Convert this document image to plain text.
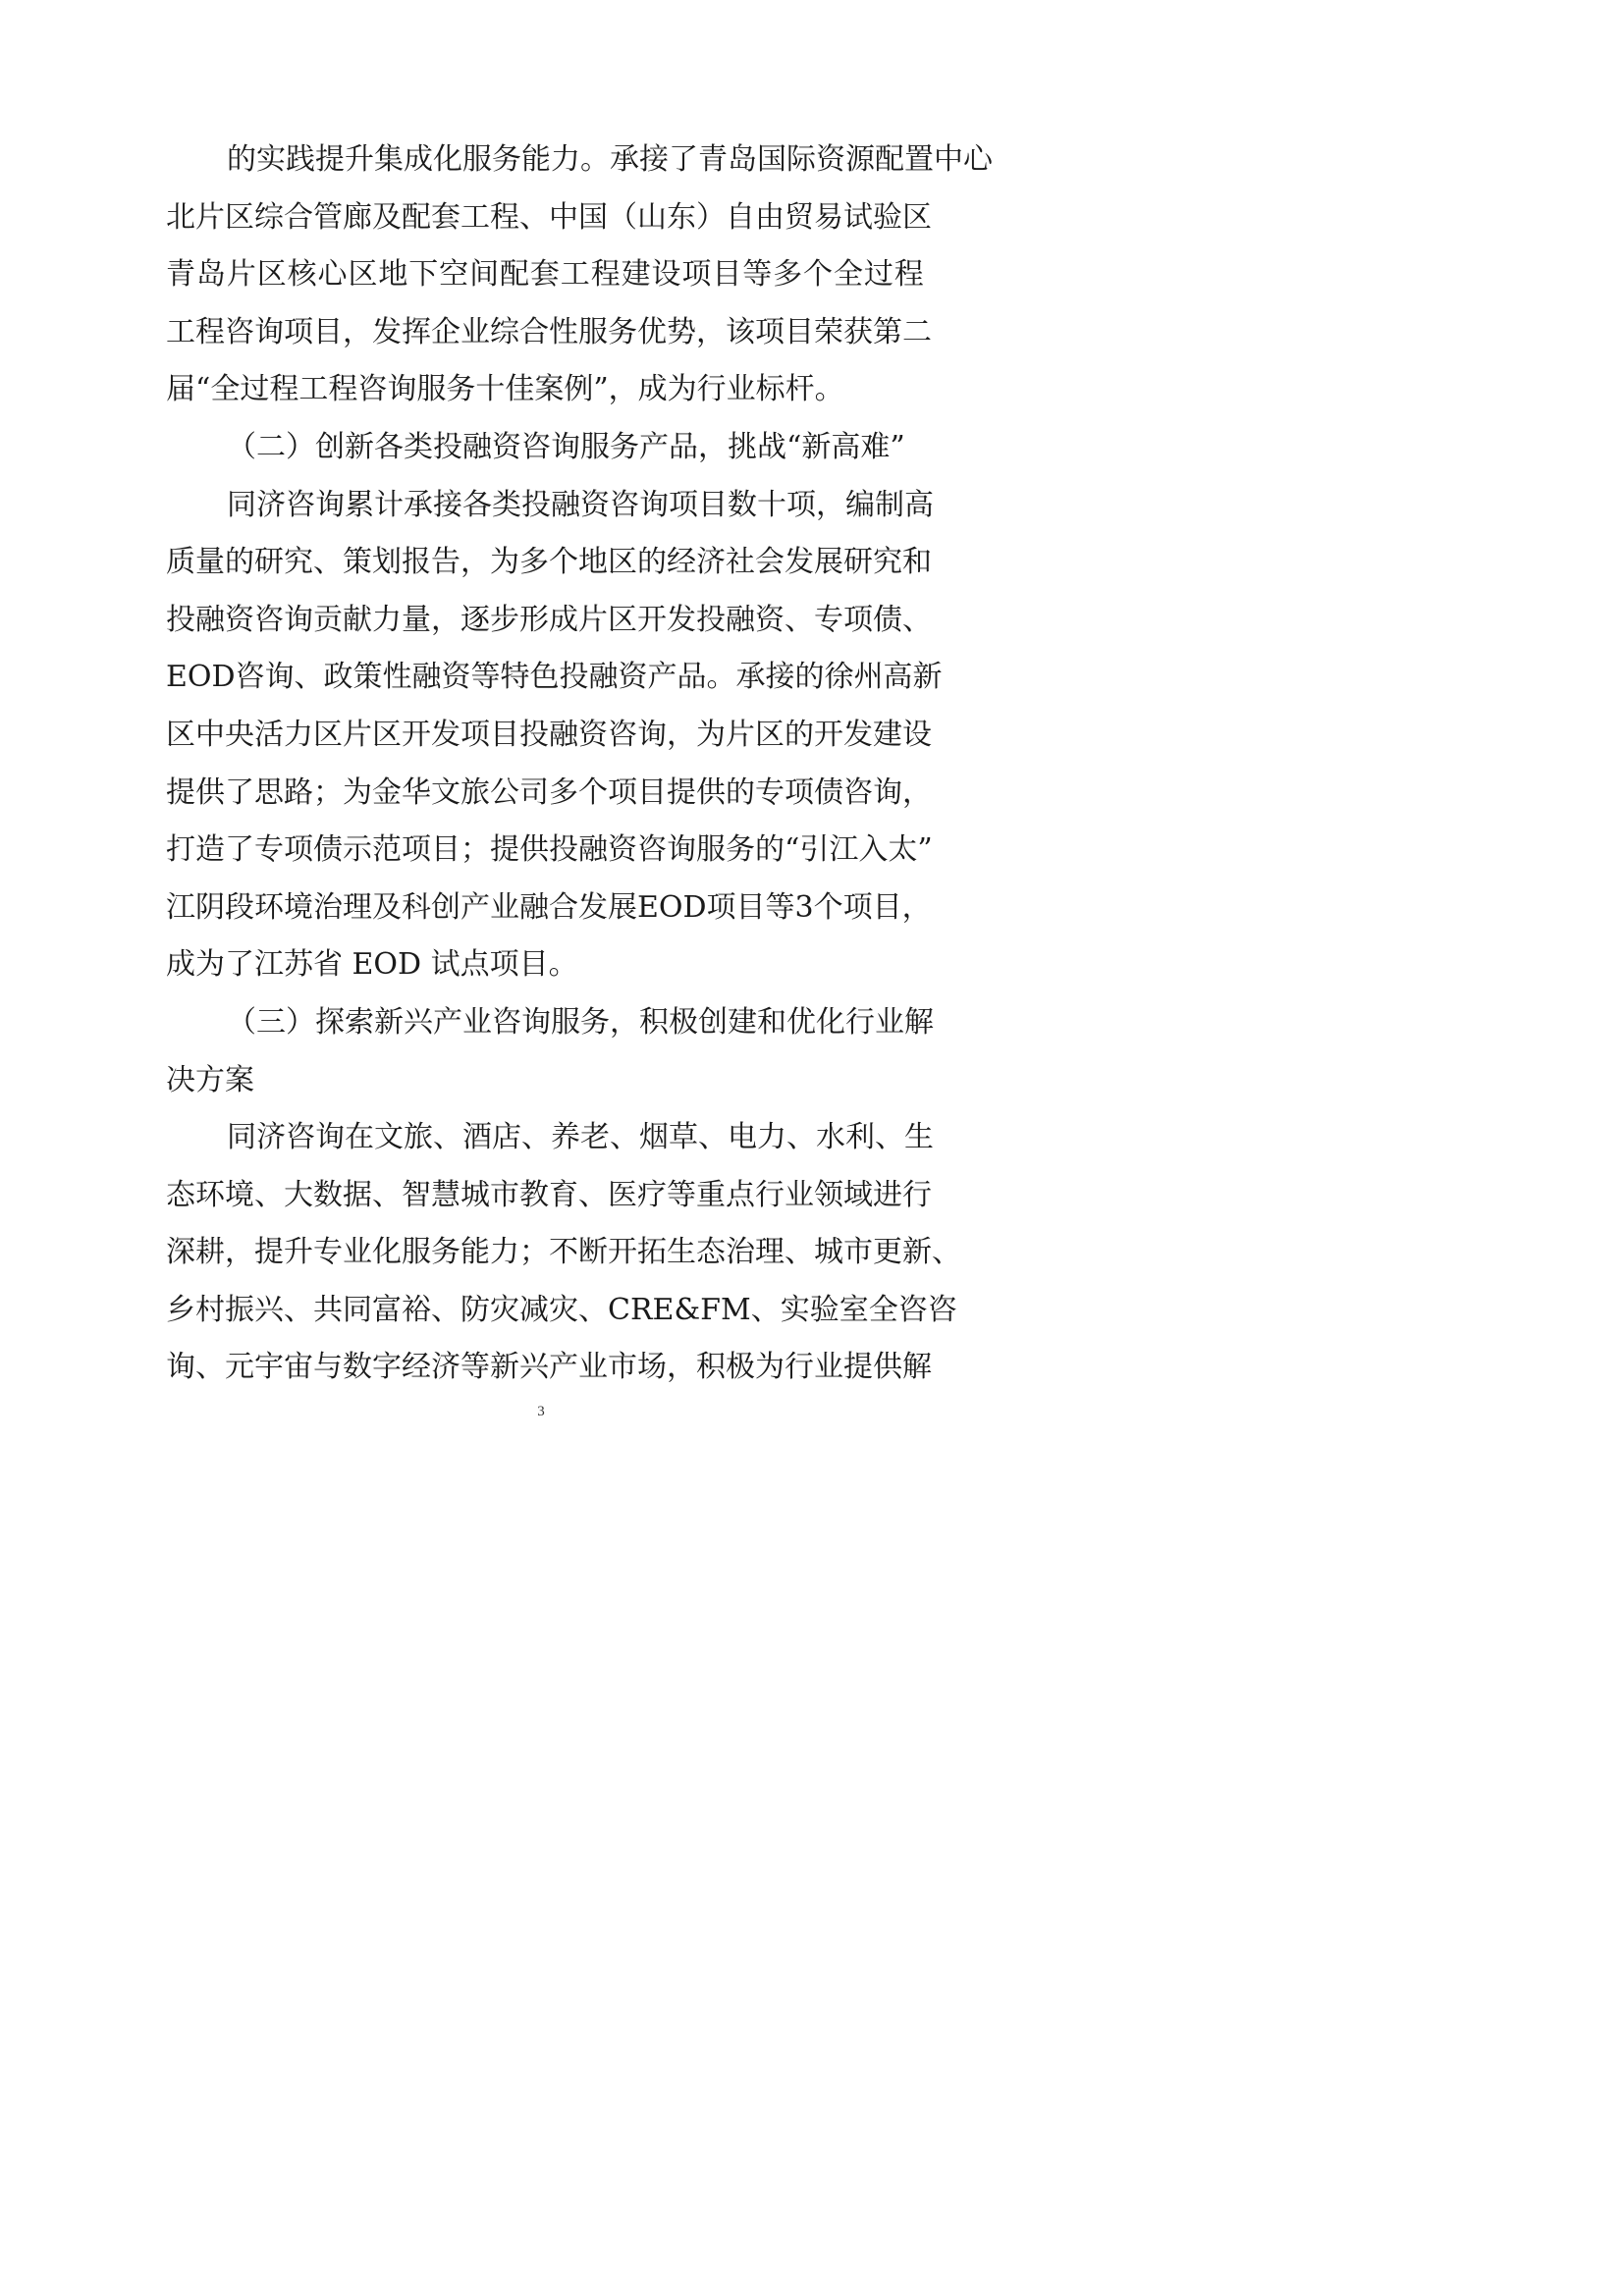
的 实 践 提 升 集 成 化 服 务 能 力 。 承 接 了 青 岛 国 际 资 源 配 置 中 心
北 片 区 综 合 管 廊 及 配 套 工 程 、 中 国 （ 山 东 ） 自 由 贸 易 试 验 区
青 岛 片 区 核 心 区 地 下 空 间 配 套 工 程 建 设 项 目 等 多 个 全 过 程
工 程 咨 询 项 目 ， 发 挥 企 业 综 合 性 服 务 优 势 ， 该 项 目 荣 获 第 二
届“全过程工程咨询服务十佳案例”，成为行业标杆。
（二）创新各类投融资咨询服务产品，挑战“新高难”
同 济 咨 询 累 计 承 接 各 类 投 融 资 咨 询 项 目 数 十 项 ， 编 制 高
质 量 的 研 究 、 策 划 报 告 ， 为 多 个 地 区 的 经 济 社 会 发 展 研 究 和
投 融 资 咨 询 贡 献 力 量 ， 逐 步 形 成 片 区 开 发 投 融 资 、 专 项 债 、
EOD 咨 询 、 政 策 性 融 资 等 特 色 投 融 资 产 品 。 承 接 的 徐 州 高 新
区 中 央 活 力 区 片 区 开 发 项 目 投 融 资 咨 询 ， 为 片 区 的 开 发 建 设
提 供 了 思 路 ； 为 金 华 文 旅 公 司 多 个 项 目 提 供 的 专 项 债 咨 询 ，
打 造 了 专 项 债 示 范 项 目 ； 提 供 投 融 资 咨 询 服 务 的 “ 引 江 入 太 ”
江 阴 段 环 境 治 理 及 科 创 产 业 融 合 发 展 EOD 项 目 等 3 个 项 目 ，
成为了江苏省 EOD 试点项目。
（ 三 ） 探 索 新 兴 产 业 咨 询 服 务 ， 积 极 创 建 和 优 化 行 业 解
决方案
同 济 咨 询 在 文 旅 、 酒 店 、 养 老 、 烟 草 、 电 力 、 水 利 、 生
态 环 境 、 大 数 据 、 智 慧 城 市 教 育 、 医 疗 等 重 点 行 业 领 域 进 行
深 耕 ， 提 升 专 业 化 服 务 能 力 ； 不 断 开 拓 生 态 治 理 、 城 市 更 新 、
乡 村 振 兴 、 共 同 富 裕 、 防 灾 减 灾 、 CRE&FM 、 实 验 室 全 咨 咨
询 、 元 宇 宙 与 数 字 经 济 等 新 兴 产 业 市 场 ， 积 极 为 行 业 提 供 解
3
